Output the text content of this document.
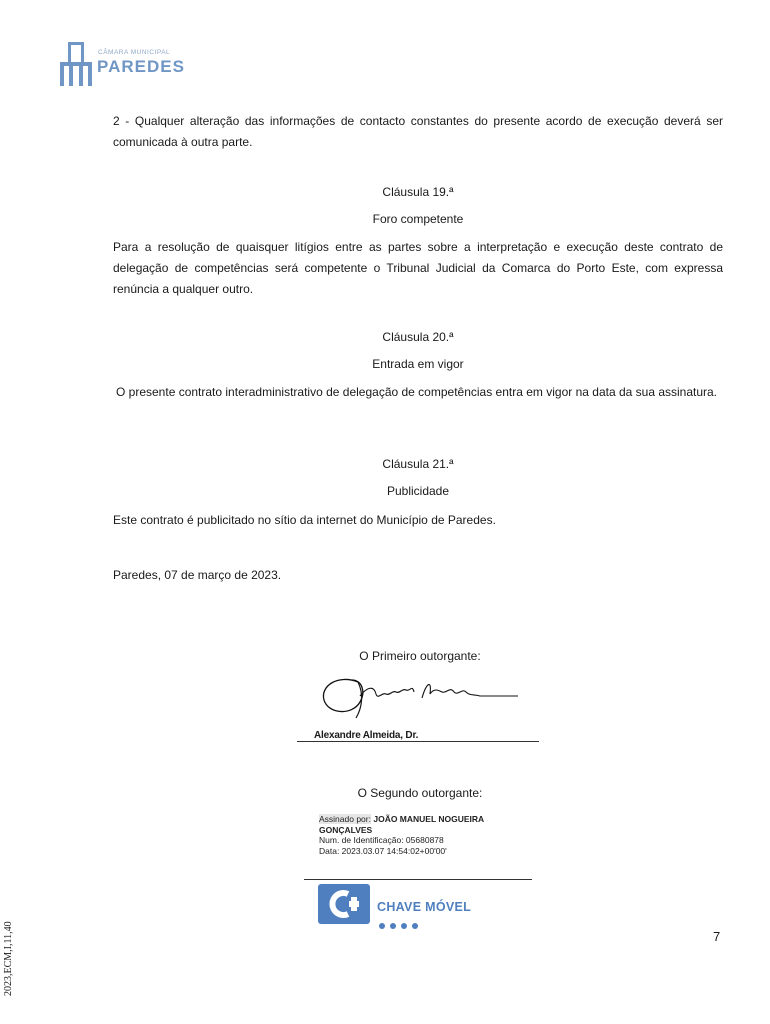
CÂMARA MUNICIPAL
PAREDES

2 - Qualquer alteração das informações de contacto constantes do presente acordo de execução deverá ser comunicada à outra parte.

Cláusula 19.ª

Foro competente

Para a resolução de quaisquer litígios entre as partes sobre a interpretação e execução deste contrato de delegação de competências será competente o Tribunal Judicial da Comarca do Porto Este, com expressa renúncia a qualquer outro.

Cláusula 20.ª

Entrada em vigor

O presente contrato interadministrativo de delegação de competências entra em vigor na data da sua assinatura.

Cláusula 21.ª

Publicidade

Este contrato é publicitado no sítio da internet do Município de Paredes.

Paredes, 07 de março de 2023.

O Primeiro outorgante:
Alexandre Almeida, Dr.
O Segundo outorgante:
Assinado por: JOÃO MANUEL NOGUEIRA
GONÇALVES
Num. de Identificação: 05680878
Data: 2023.03.07 14:54:02+00'00'
CHAVE MÓVEL
7
2023,ECM,I,11,40
